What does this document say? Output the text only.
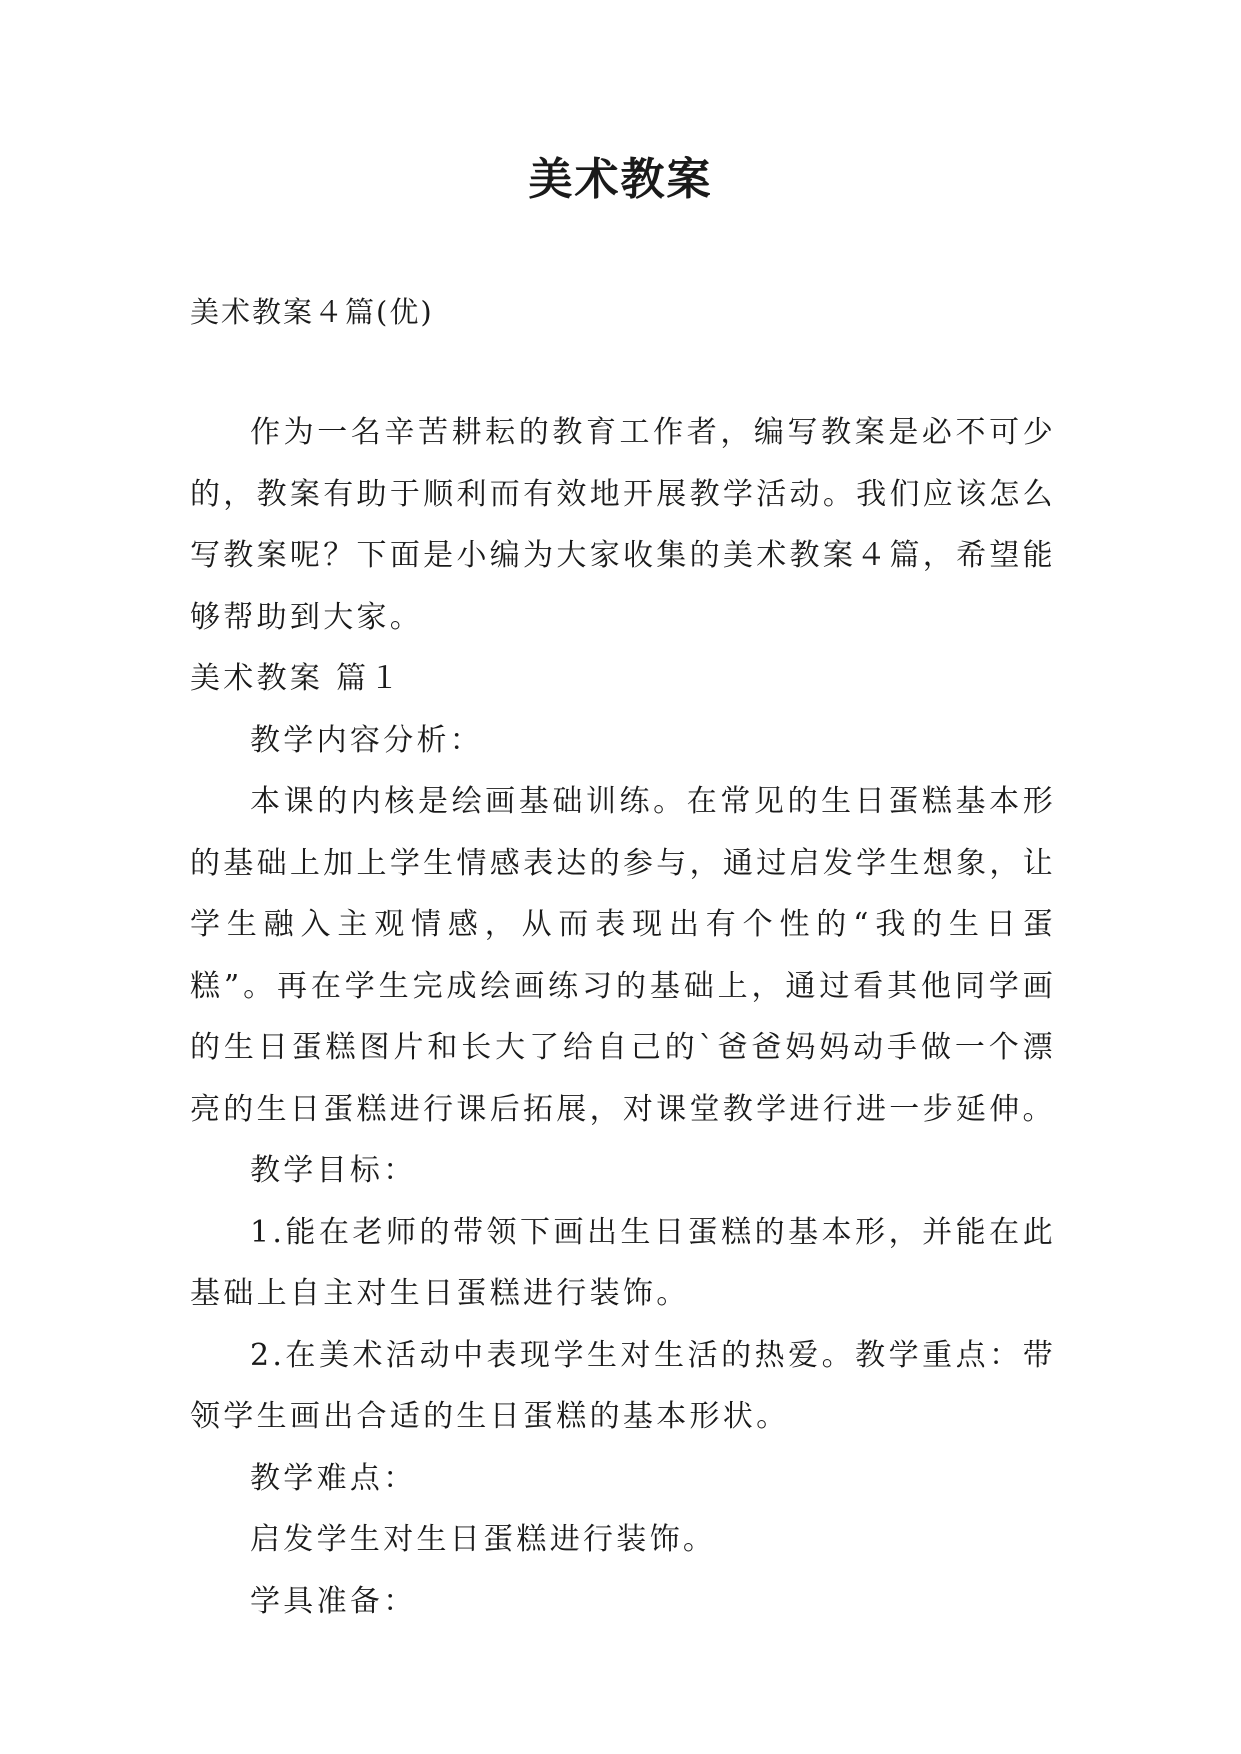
美术教案
美术教案４篇(优)

作为一名辛苦耕耘的教育工作者，编写教案是必不可少的，教案有助于顺利而有效地开展教学活动。我们应该怎么写教案呢？下面是小编为大家收集的美术教案４篇，希望能够帮助到大家。

美术教案 篇１

教学内容分析：

本课的内核是绘画基础训练。在常见的生日蛋糕基本形的基础上加上学生情感表达的参与，通过启发学生想象，让学生融入主观情感，从而表现出有个性的“我的生日蛋糕”。再在学生完成绘画练习的基础上，通过看其他同学画的生日蛋糕图片和长大了给自己的`爸爸妈妈动手做一个漂亮的生日蛋糕进行课后拓展，对课堂教学进行进一步延伸。

教学目标：

1.能在老师的带领下画出生日蛋糕的基本形，并能在此基础上自主对生日蛋糕进行装饰。

2.在美术活动中表现学生对生活的热爱。教学重点：带领学生画出合适的生日蛋糕的基本形状。

教学难点：

启发学生对生日蛋糕进行装饰。

学具准备：
